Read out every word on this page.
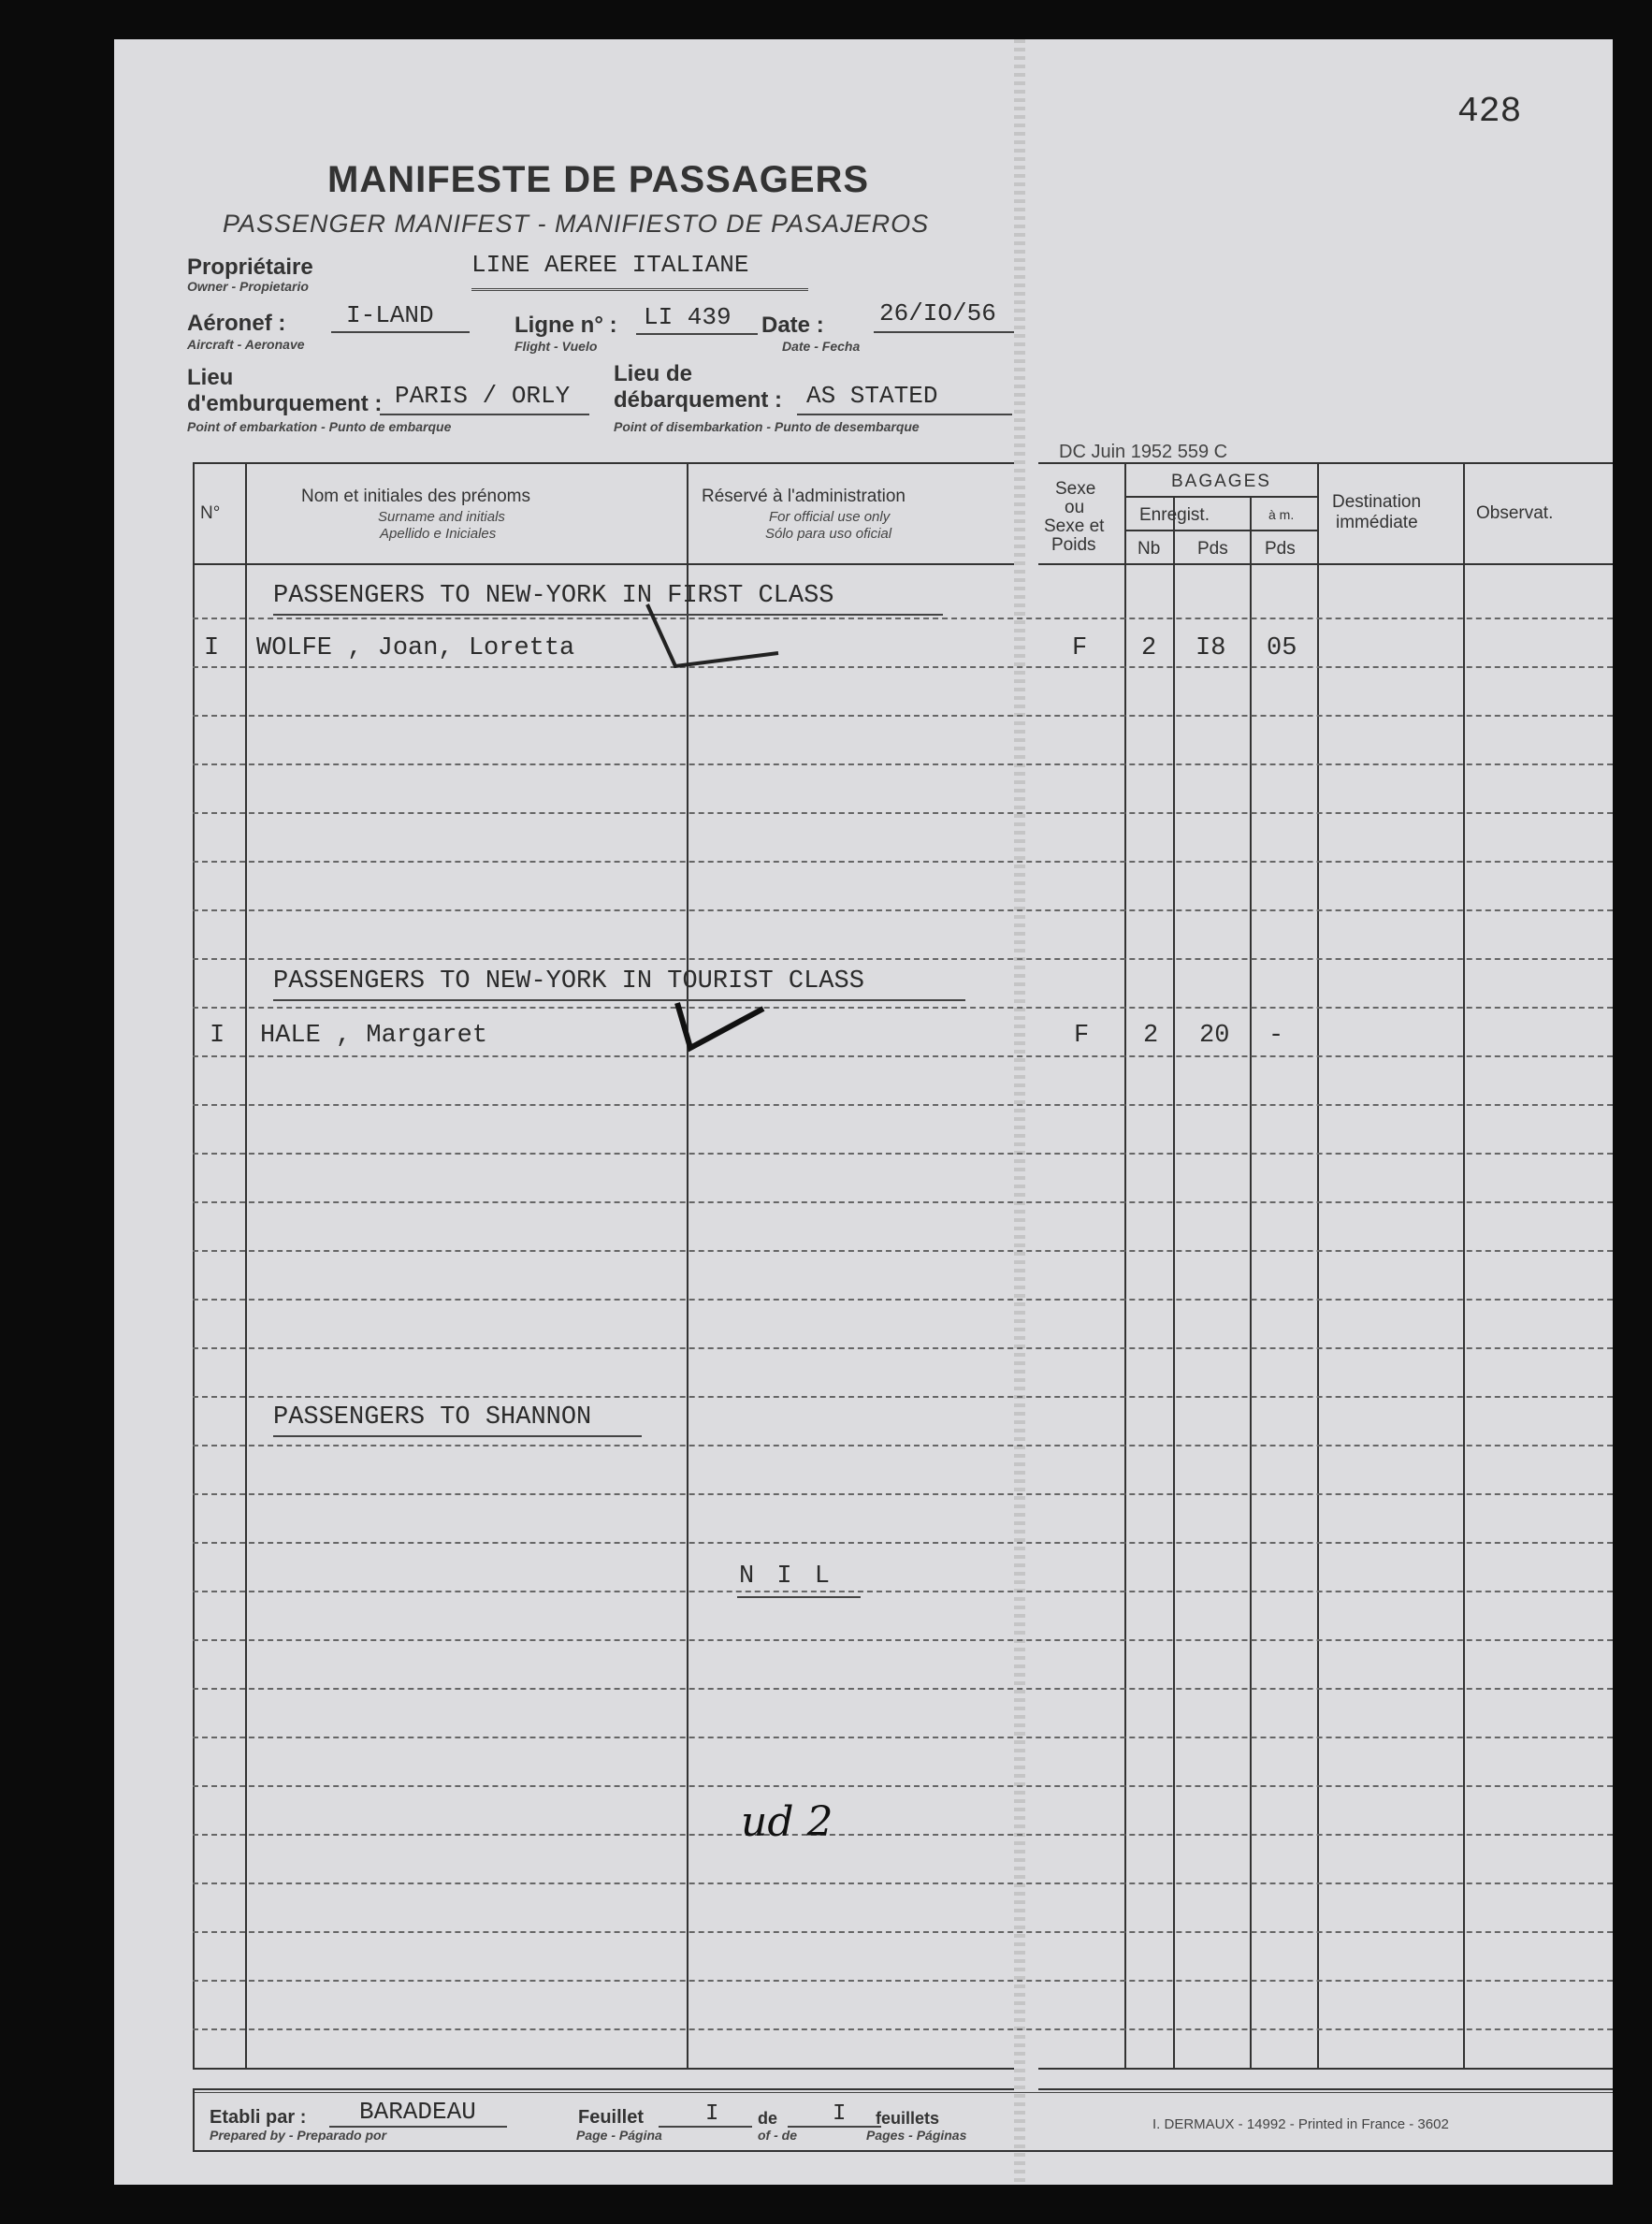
428
MANIFESTE DE PASSAGERS
PASSENGER MANIFEST - MANIFIESTO DE PASAJEROS
Propriétaire
Owner - Propietario
LINE AEREE ITALIANE
Aéronef :
Aircraft - Aeronave
I-LAND	Ligne n° :
Flight - Vuelo
LI 439 Date :
Date - Fecha
26/IO/56
Lieu
d'emburquement :
Point of embarkation - Punto de embarque
PARIS / ORLY
Lieu de
débarquement :
Point of disembarkation - Punto de desembarque
AS STATED
DC Juin 1952 559 C
N°
Nom et initiales des prénoms
Surname and initials
Apellido e Iniciales
Réservé à l'administration
For official use only
Sólo para uso oficial
Sexe
ou
Sexe et
Poids
BAGAGES
Enregist.	à m.
Nb Pds Pds
Destination
immédiate	Observat.
PASSENGERS TO NEW-YORK IN FIRST CLASS
I WOLFE , Joan, Loretta	F 2 I8 05
PASSENGERS TO NEW-YORK IN TOURIST CLASS
I HALE , Margaret	F 2 20 -
PASSENGERS TO SHANNON
N I L
ud 2
Etabli par :
Prepared by - Preparado por
BARADEAU	Feuillet
Page - Página
I de
of - de
I feuillets
Pages - Páginas
I. DERMAUX - 14992 - Printed in France - 3602
